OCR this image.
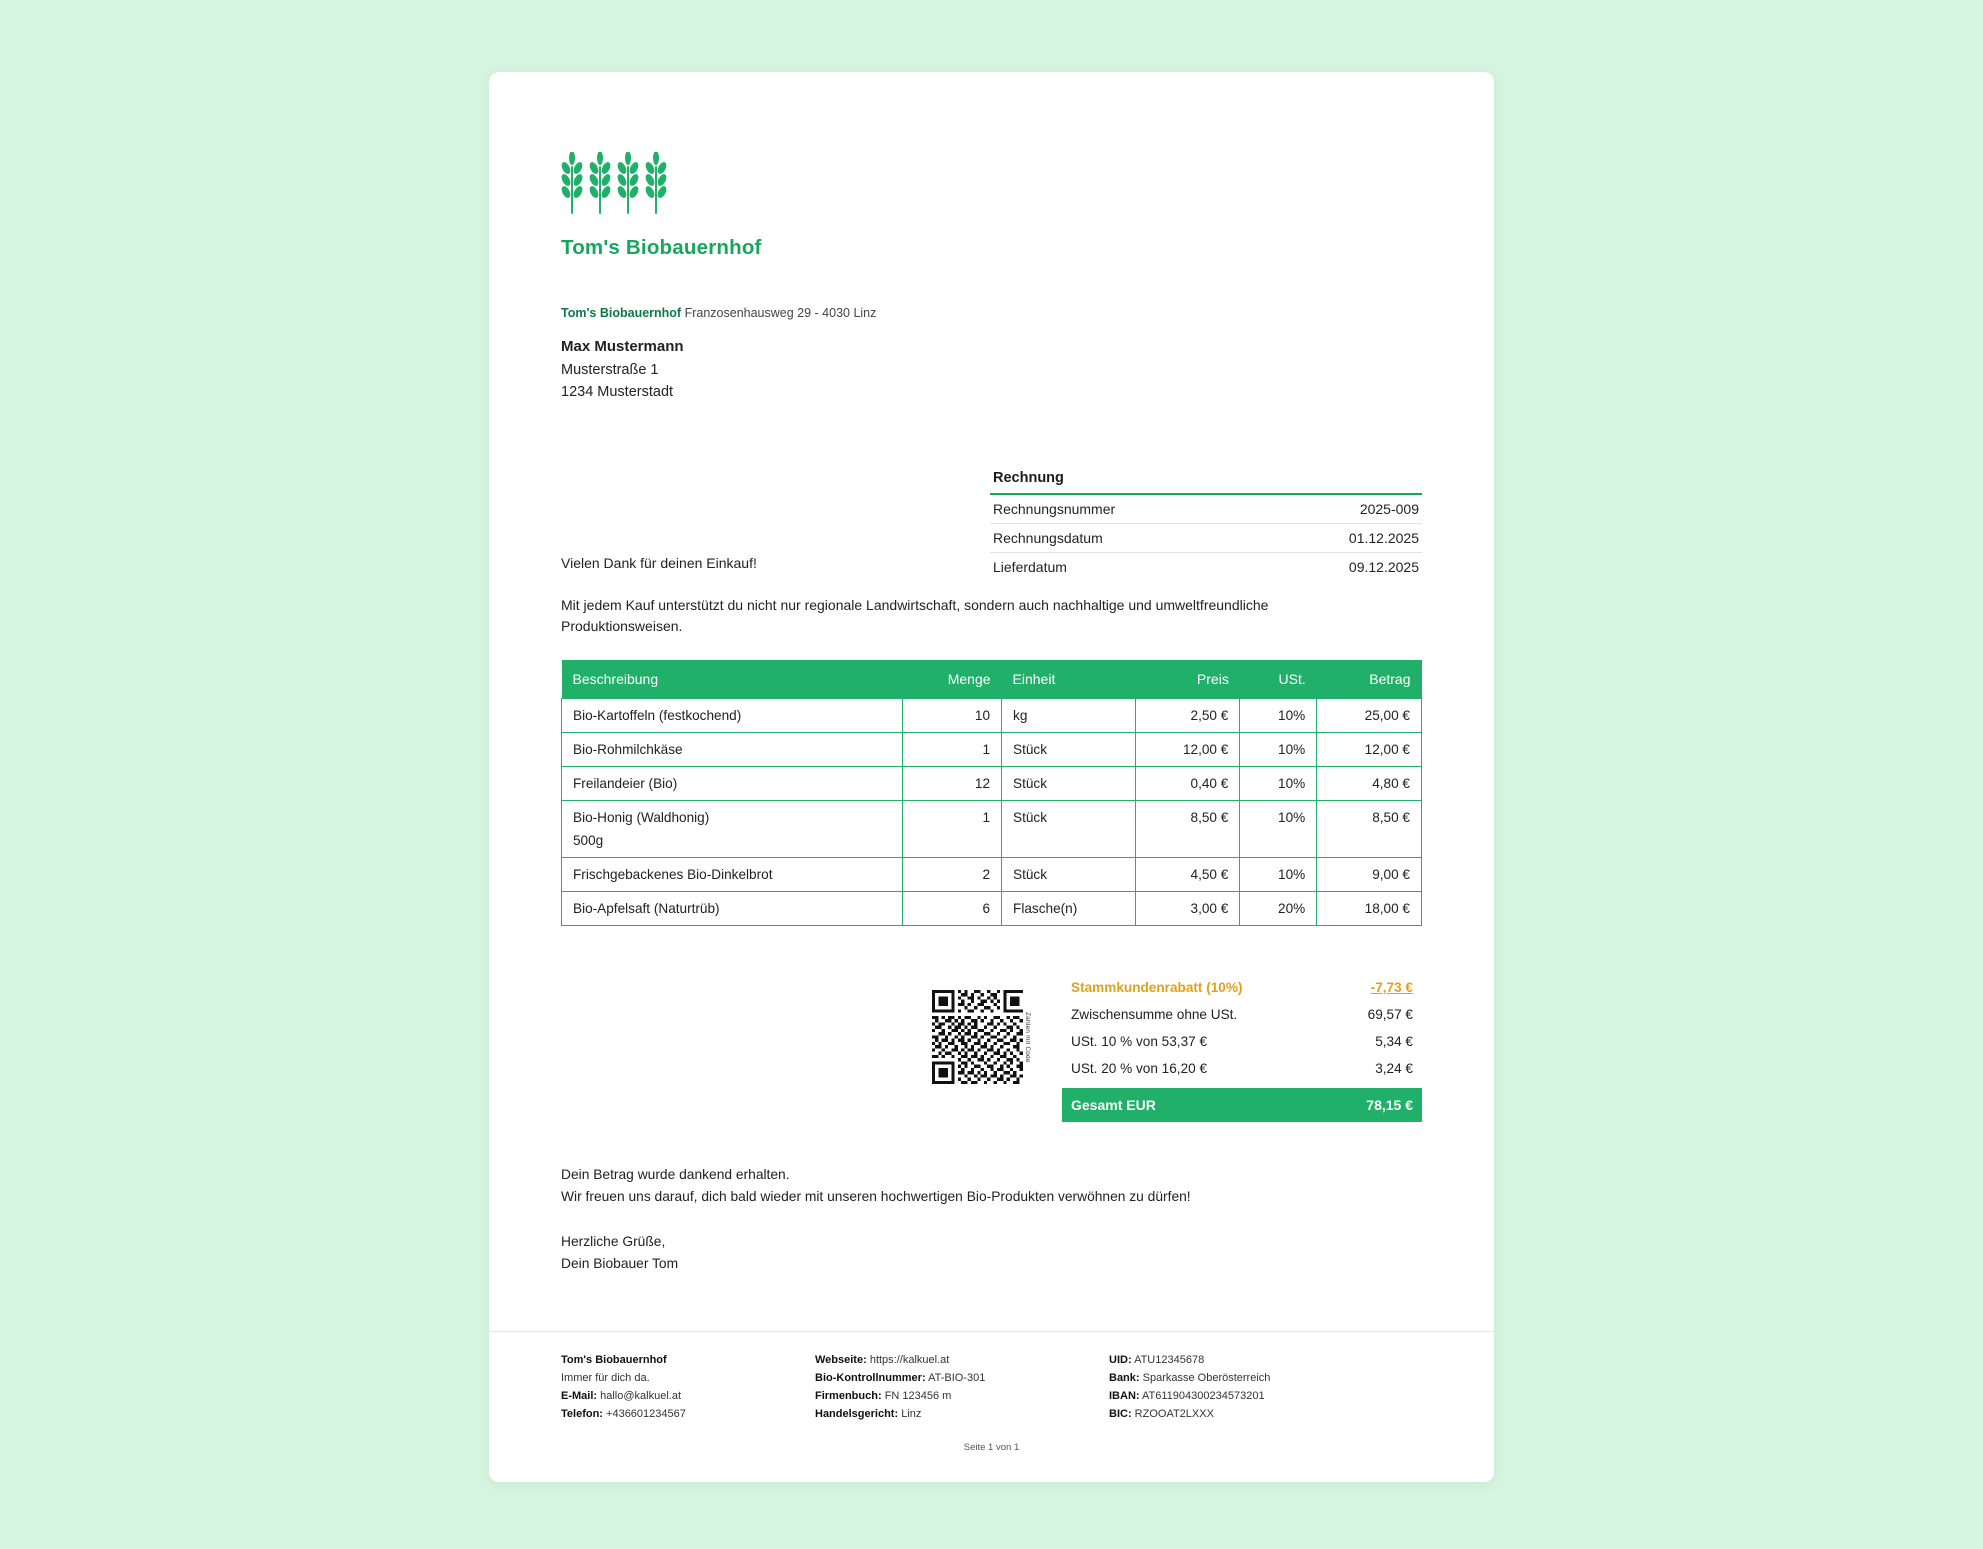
Tom's Biobauernhof
Tom's Biobauernhof Franzosenhausweg 29 - 4030 Linz
Max Mustermann
Musterstraße 1
1234 Musterstadt
Rechnung
Rechnungsnummer	2025-009
Rechnungsdatum	01.12.2025
Lieferdatum	09.12.2025

Vielen Dank für deinen Einkauf!

Mit jedem Kauf unterstützt du nicht nur regionale Landwirtschaft, sondern auch nachhaltige und umweltfreundliche Produktionsweisen.

Beschreibung	Menge	Einheit	Preis	USt.	Betrag
Bio-Kartoffeln (festkochend)	10	kg	2,50 €	10%	25,00 €
Bio-Rohmilchkäse	1	Stück	12,00 €	10%	12,00 €
Freilandeier (Bio)	12	Stück	0,40 €	10%	4,80 €
Bio-Honig (Waldhonig)
500g	1	Stück	8,50 €	10%	8,50 €
Frischgebackenes Bio-Dinkelbrot	2	Stück	4,50 €	10%	9,00 €
Bio-Apfelsaft (Naturtrüb)	6	Flasche(n)	3,00 €	20%	18,00 €
Zahlen mit Code
Stammkundenrabatt (10%)	-7,73 €
Zwischensumme ohne USt.	69,57 €
USt. 10 % von 53,37 €	5,34 €
USt. 20 % von 16,20 €	3,24 €
Gesamt EUR	78,15 €
Dein Betrag wurde dankend erhalten.
Wir freuen uns darauf, dich bald wieder mit unseren hochwertigen Bio-Produkten verwöhnen zu dürfen!
Herzliche Grüße,
Dein Biobauer Tom
Tom's Biobauernhof
Immer für dich da.
E-Mail: hallo@kalkuel.at
Telefon: +436601234567
Webseite: https://kalkuel.at
Bio-Kontrollnummer: AT-BIO-301
Firmenbuch: FN 123456 m
Handelsgericht: Linz
UID: ATU12345678
Bank: Sparkasse Oberösterreich
IBAN: AT611904300234573201
BIC: RZOOAT2LXXX
Seite 1 von 1
